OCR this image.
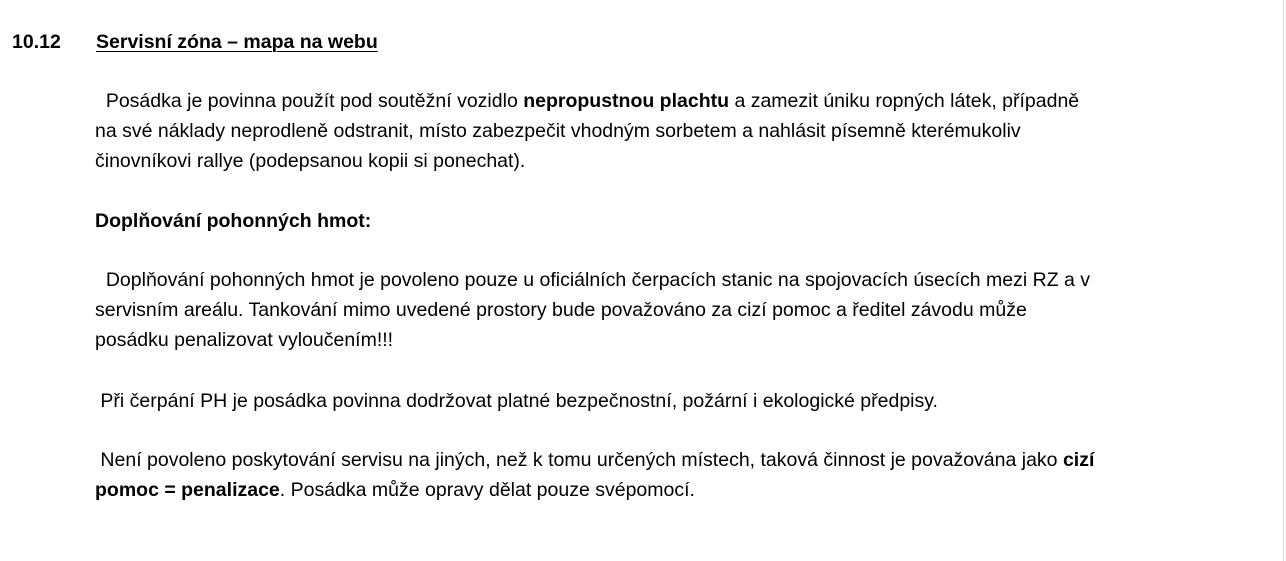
10.12 Servisní zóna – mapa na webu
Posádka je povinna použít pod soutěžní vozidlo nepropustnou plachtu a zamezit úniku ropných látek, případně
na své náklady neprodleně odstranit, místo zabezpečit vhodným sorbetem a nahlásit písemně kterémukoliv
činovníkovi rallye (podepsanou kopii si ponechat).
Doplňování pohonných hmot:
Doplňování pohonných hmot je povoleno pouze u oficiálních čerpacích stanic na spojovacích úsecích mezi RZ a v
servisním areálu. Tankování mimo uvedené prostory bude považováno za cizí pomoc a ředitel závodu může
posádku penalizovat vyloučením!!!
Při čerpání PH je posádka povinna dodržovat platné bezpečnostní, požární i ekologické předpisy.
Není povoleno poskytování servisu na jiných, než k tomu určených místech, taková činnost je považována jako cizí
pomoc = penalizace. Posádka může opravy dělat pouze svépomocí.
